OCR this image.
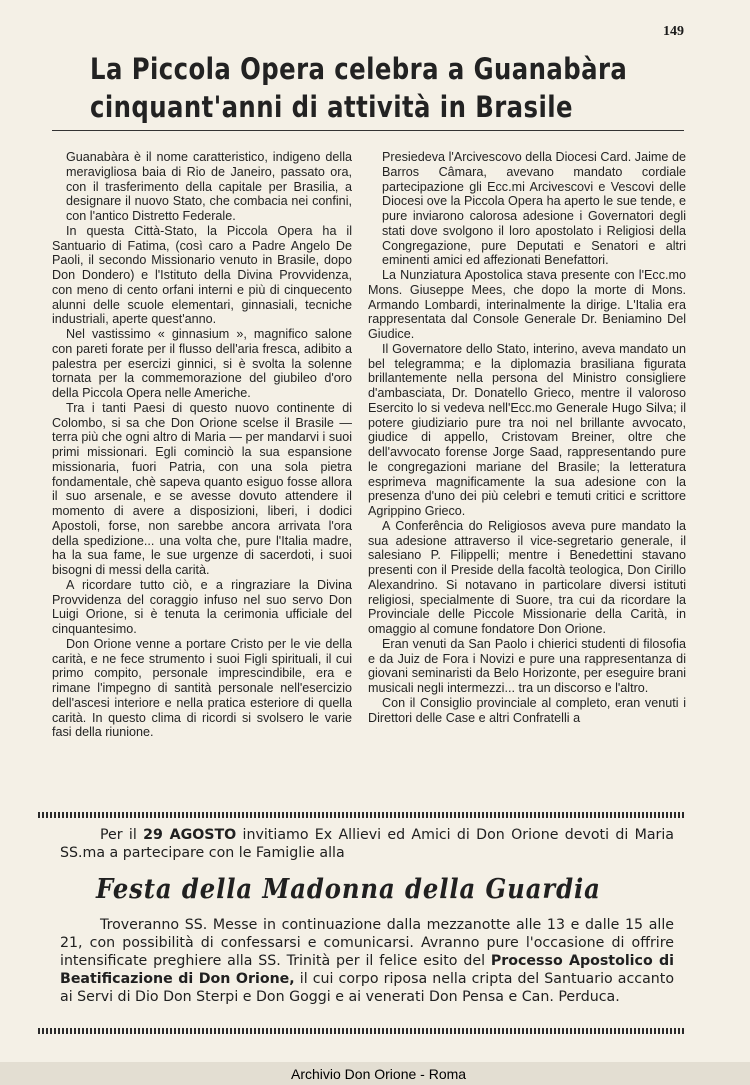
149
La Piccola Opera celebra a Guanabàra
cinquant'anni di attività in Brasile

Guanabàra è il nome caratteristico, indigeno della meravigliosa baia di Rio de Janeiro, passato ora, con il trasferimento della capitale per Brasilia, a designare il nuovo Stato, che combacia nei confini, con l'antico Distretto Federale.

In questa Città-Stato, la Piccola Opera ha il Santuario di Fatima, (così caro a Padre Angelo De Paoli, il secondo Missionario venuto in Brasile, dopo Don Dondero) e l'Istituto della Divina Provvidenza, con meno di cento orfani interni e più di cinquecento alunni delle scuole elementari, ginnasiali, tecniche industriali, aperte quest'anno.

Nel vastissimo « ginnasium », magnifico salone con pareti forate per il flusso dell'aria fresca, adibito a palestra per esercizi ginnici, si è svolta la solenne tornata per la commemorazione del giubileo d'oro della Piccola Opera nelle Americhe.

Tra i tanti Paesi di questo nuovo continente di Colombo, si sa che Don Orione scelse il Brasile — terra più che ogni altro di Maria — per mandarvi i suoi primi missionari. Egli cominciò la sua espansione missionaria, fuori Patria, con una sola pietra fondamentale, chè sapeva quanto esiguo fosse allora il suo arsenale, e se avesse dovuto attendere il momento di avere a disposizioni, liberi, i dodici Apostoli, forse, non sarebbe ancora arrivata l'ora della spedizione... una volta che, pure l'Italia madre, ha la sua fame, le sue urgenze di sacerdoti, i suoi bisogni di messi della carità.

A ricordare tutto ciò, e a ringraziare la Divina Provvidenza del coraggio infuso nel suo servo Don Luigi Orione, si è tenuta la cerimonia ufficiale del cinquantesimo.

Don Orione venne a portare Cristo per le vie della carità, e ne fece strumento i suoi Figli spirituali, il cui primo compito, personale imprescindibile, era e rimane l'impegno di santità personale nell'esercizio dell'ascesi interiore e nella pratica esteriore di quella carità. In questo clima di ricordi si svolsero le varie fasi della riunione.

Presiedeva l'Arcivescovo della Diocesi Card. Jaime de Barros Câmara, avevano mandato cordiale partecipazione gli Ecc.mi Arcivescovi e Vescovi delle Diocesi ove la Piccola Opera ha aperto le sue tende, e pure inviarono calorosa adesione i Governatori degli stati dove svolgono il loro apostolato i Religiosi della Congregazione, pure Deputati e Senatori e altri eminenti amici ed affezionati Benefattori.

La Nunziatura Apostolica stava presente con l'Ecc.mo Mons. Giuseppe Mees, che dopo la morte di Mons. Armando Lombardi, interinalmente la dirige. L'Italia era rappresentata dal Console Generale Dr. Beniamino Del Giudice.

Il Governatore dello Stato, interino, aveva mandato un bel telegramma; e la diplomazia brasiliana figurata brillantemente nella persona del Ministro consigliere d'ambasciata, Dr. Donatello Grieco, mentre il valoroso Esercito lo si vedeva nell'Ecc.mo Generale Hugo Silva; il potere giudiziario pure tra noi nel brillante avvocato, giudice di appello, Cristovam Breiner, oltre che dell'avvocato forense Jorge Saad, rappresentando pure le congregazioni mariane del Brasile; la letteratura esprimeva magnificamente la sua adesione con la presenza d'uno dei più celebri e temuti critici e scrittore Agrippino Grieco.

A Conferência do Religiosos aveva pure mandato la sua adesione attraverso il vice-segretario generale, il salesiano P. Filippelli; mentre i Benedettini stavano presenti con il Preside della facoltà teologica, Don Cirillo Alexandrino. Si notavano in particolare diversi istituti religiosi, specialmente di Suore, tra cui da ricordare la Provinciale delle Piccole Missionarie della Carità, in omaggio al comune fondatore Don Orione.

Eran venuti da San Paolo i chierici studenti di filosofia e da Juiz de Fora i Novizi e pure una rappresentanza di giovani seminaristi da Belo Horizonte, per eseguire brani musicali negli intermezzi... tra un discorso e l'altro.

Con il Consiglio provinciale al completo, eran venuti i Direttori delle Case e altri Confratelli a

Per il 29 AGOSTO invitiamo Ex Allievi ed Amici di Don Orione devoti di Maria SS.ma a partecipare con le Famiglie alla

Festa della Madonna della Guardia

Troveranno SS. Messe in continuazione dalla mezzanotte alle 13 e dalle 15 alle 21, con possibilità di confessarsi e comunicarsi. Avranno pure l'occasione di offrire intensificate preghiere alla SS. Trinità per il felice esito del Processo Apostolico di Beatificazione di Don Orione, il cui corpo riposa nella cripta del Santuario accanto ai Servi di Dio Don Sterpi e Don Goggi e ai venerati Don Pensa e Can. Perduca.

Archivio Don Orione - Roma
